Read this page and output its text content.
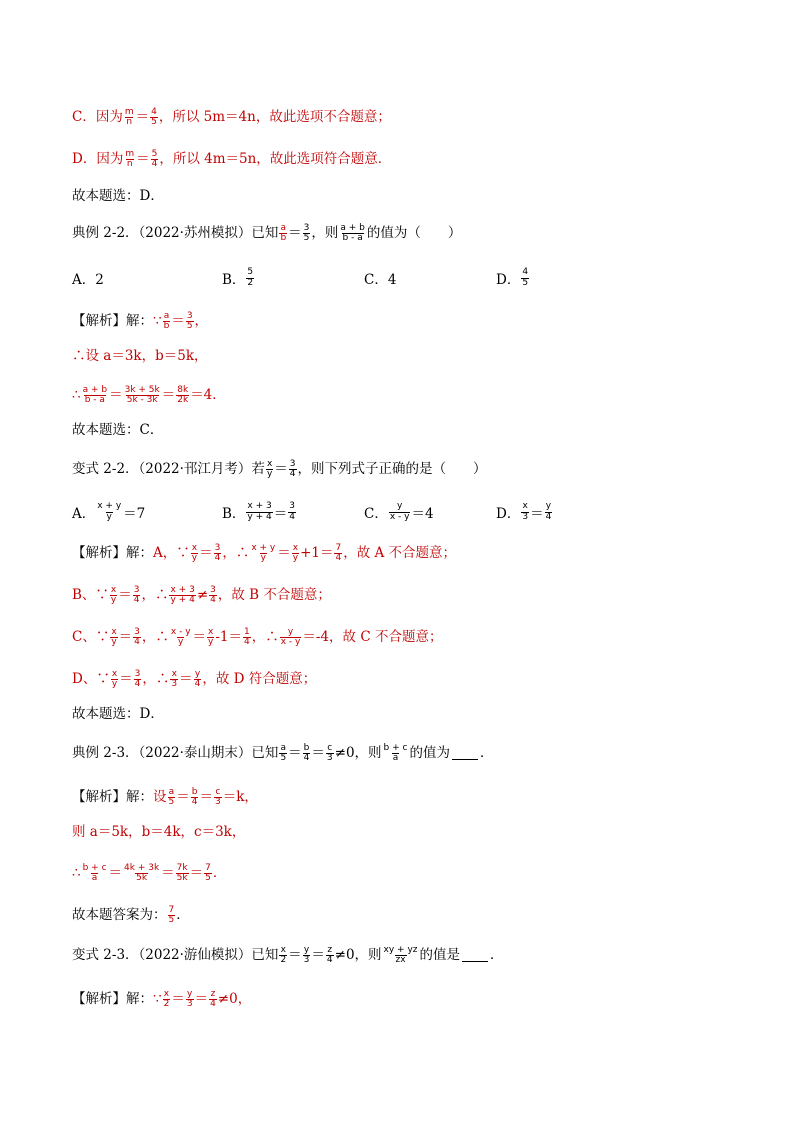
C．因为 $\frac{m}{n} = \frac{4}{5}$ ，所以 5m＝4n，故此选项不合题意；
D．因为 $\frac{m}{n} = \frac{5}{4}$ ，所以 4m＝5n，故此选项符合题意．
故本题选：D．
典例 2-2．（2022·苏州模拟）已知 $\frac{a}{b} = \frac{3}{5}$ ，则 $\frac{a + b}{b - a}$ 的值为（　　）
A．2	B． $\frac{5}{2}$	C．4	D． $\frac{4}{5}$
【解析】解： ∵ $\frac{a}{b} = \frac{3}{5}$ ，
∴设 a＝3k，b＝5k，
∴ $\frac{a + b}{b - a} = \frac{3k + 5k}{5k - 3k} = \frac{8k}{2k} =4$．
故本题选：C．
变式 2-2．（2022·邗江月考）若 $\frac{x}{y} = \frac{3}{4}$ ，则下列式子正确的是（　　）
A． $\frac{x + y}{y} =7$	B． $\frac{x + 3}{y + 4} = \frac{3}{4}$	C． $\frac{y}{x - y} =4$	D． $\frac{x}{3} = \frac{y}{4}$
【解析】解： A，∵ $\frac{x}{y} = \frac{3}{4}$ ，∴ $\frac{x + y}{y} = \frac{x}{y} +1= \frac{7}{4}$ ，故 A 不合题意；
B、∵ $\frac{x}{y} = \frac{3}{4}$ ，∴ $\frac{x + 3}{y + 4} \ne \frac{3}{4}$ ，故 B 不合题意；
C、∵ $\frac{x}{y} = \frac{3}{4}$ ，∴ $\frac{x - y}{y} = \frac{x}{y} -1= \frac{1}{4}$ ，∴ $\frac{y}{x - y} =-4$ ，故 C 不合题意；
D、∵ $\frac{x}{y} = \frac{3}{4}$ ，∴ $\frac{x}{3} = \frac{y}{4}$ ，故 D 符合题意；
故本题选：D．
典例 2-3．（2022·泰山期末）已知 $\frac{a}{5} = \frac{b}{4} = \frac{c}{3} \ne 0$，则 $\frac{b + c}{a}$ 的值为 ．
【解析】解： 设 $\frac{a}{5} = \frac{b}{4} = \frac{c}{3} =k$，
则 a＝5k，b＝4k，c＝3k，
∴ $\frac{b + c}{a} = \frac{4k + 3k}{5k} = \frac{7k}{5k} = \frac{7}{5}$ ．
故本题答案为： $\frac{7}{5}$ ．
变式 2-3．（2022·游仙模拟）已知 $\frac{x}{2} = \frac{y}{3} = \frac{z}{4} \ne 0$，则 $\frac{xy + yz}{zx}$ 的值是 ．
【解析】解： ∵ $\frac{x}{2} = \frac{y}{3} = \frac{z}{4} \ne 0$，
